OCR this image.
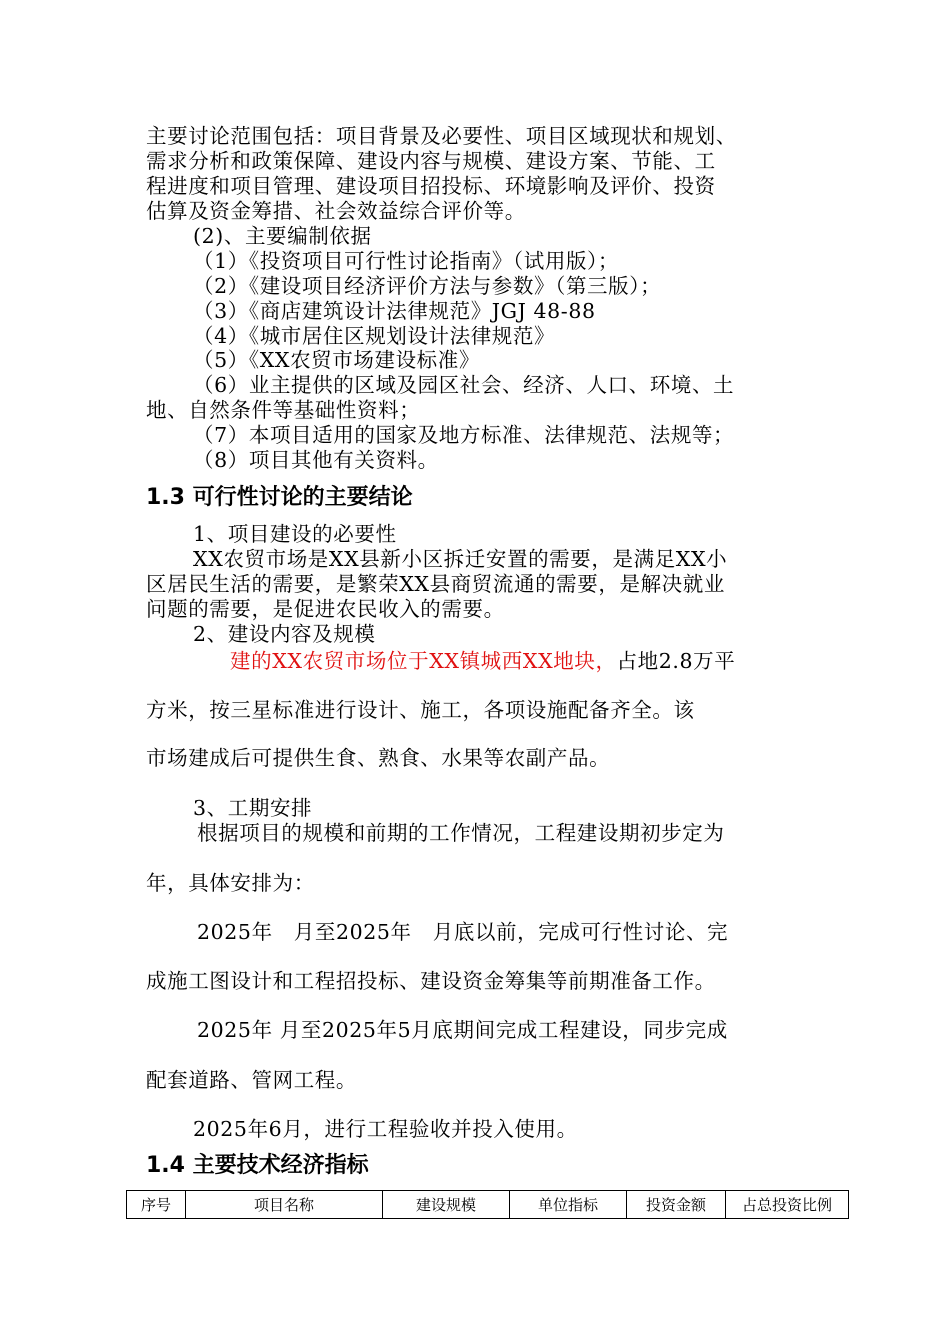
主要讨论范围包括：项目背景及必要性、项目区域现状和规划、
需求分析和政策保障、建设内容与规模、建设方案、节能、工
程进度和项目管理、建设项目招投标、环境影响及评价、投资
估算及资金筹措、社会效益综合评价等。
(2)、主要编制依据
（1）《投资项目可行性讨论指南》（试用版）；
（2）《建设项目经济评价方法与参数》（第三版）；
（3）《商店建筑设计法律规范》JGJ 48-88
（4）《城市居住区规划设计法律规范》
（5）《XX农贸市场建设标准》
（6）业主提供的区域及园区社会、经济、人口、环境、土
地、自然条件等基础性资料；
（7）本项目适用的国家及地方标准、法律规范、法规等；
（8）项目其他有关资料。
1.3 可行性讨论的主要结论
1、项目建设的必要性
XX农贸市场是XX县新小区拆迁安置的需要，是满足XX小
区居民生活的需要，是繁荣XX县商贸流通的需要，是解决就业
问题的需要，是促进农民收入的需要。
2、建设内容及规模
建的XX农贸市场位于XX镇城西XX地块，占地2.8万平
方米，按三星标准进行设计、施工，各项设施配备齐全。该
市场建成后可提供生食、熟食、水果等农副产品。
3、工期安排
根据项目的规模和前期的工作情况，工程建设期初步定为
年，具体安排为：
2025年　月至2025年　月底以前，完成可行性讨论、完
成施工图设计和工程招投标、建设资金筹集等前期准备工作。
2025年 月至2025年5月底期间完成工程建设，同步完成
配套道路、管网工程。
2025年6月，进行工程验收并投入使用。
1.4 主要技术经济指标
序号	项目名称	建设规模	单位指标	投资金额	占总投资比例
